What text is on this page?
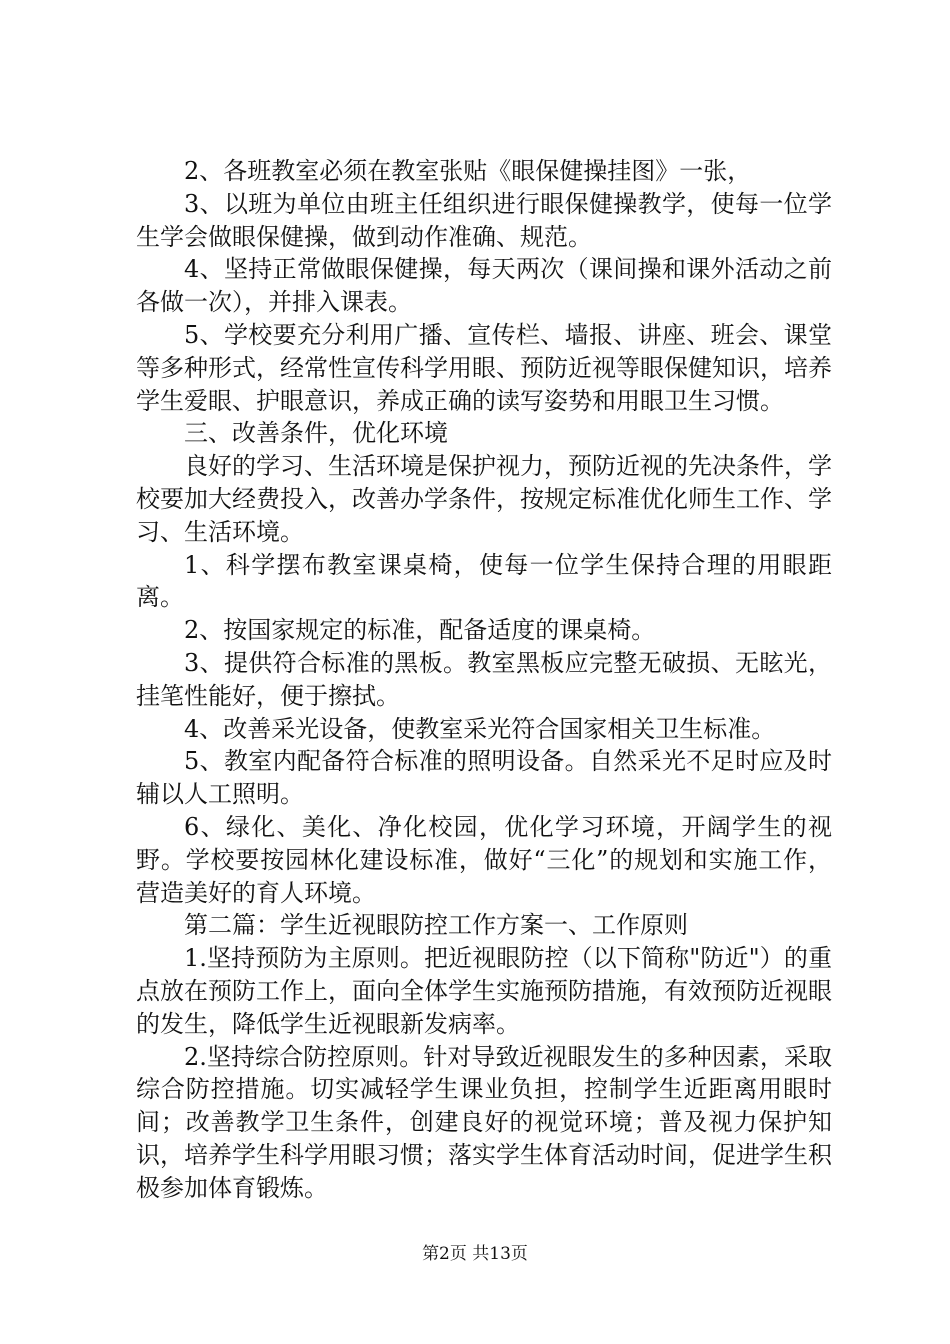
2、各班教室必须在教室张贴《眼保健操挂图》一张，

3、以班为单位由班主任组织进行眼保健操教学，使每一位学生学会做眼保健操，做到动作准确、规范。

4、坚持正常做眼保健操，每天两次（课间操和课外活动之前各做一次），并排入课表。

5、学校要充分利用广播、宣传栏、墙报、讲座、班会、课堂等多种形式，经常性宣传科学用眼、预防近视等眼保健知识，培养学生爱眼、护眼意识，养成正确的读写姿势和用眼卫生习惯。

三、改善条件，优化环境

良好的学习、生活环境是保护视力，预防近视的先决条件，学校要加大经费投入，改善办学条件，按规定标准优化师生工作、学习、生活环境。

1、科学摆布教室课桌椅，使每一位学生保持合理的用眼距离。

2、按国家规定的标准，配备适度的课桌椅。

3、提供符合标准的黑板。教室黑板应完整无破损、无眩光，挂笔性能好，便于擦拭。

4、改善采光设备，使教室采光符合国家相关卫生标准。

5、教室内配备符合标准的照明设备。自然采光不足时应及时辅以人工照明。

6、绿化、美化、净化校园，优化学习环境，开阔学生的视野。学校要按园林化建设标准，做好“三化”的规划和实施工作，营造美好的育人环境。

第二篇：学生近视眼防控工作方案一、工作原则

1.坚持预防为主原则。把近视眼防控（以下简称"防近"）的重点放在预防工作上，面向全体学生实施预防措施，有效预防近视眼的发生，降低学生近视眼新发病率。

2.坚持综合防控原则。针对导致近视眼发生的多种因素，采取综合防控措施。切实减轻学生课业负担，控制学生近距离用眼时间；改善教学卫生条件，创建良好的视觉环境；普及视力保护知识，培养学生科学用眼习惯；落实学生体育活动时间，促进学生积极参加体育锻炼。

第2页 共13页
